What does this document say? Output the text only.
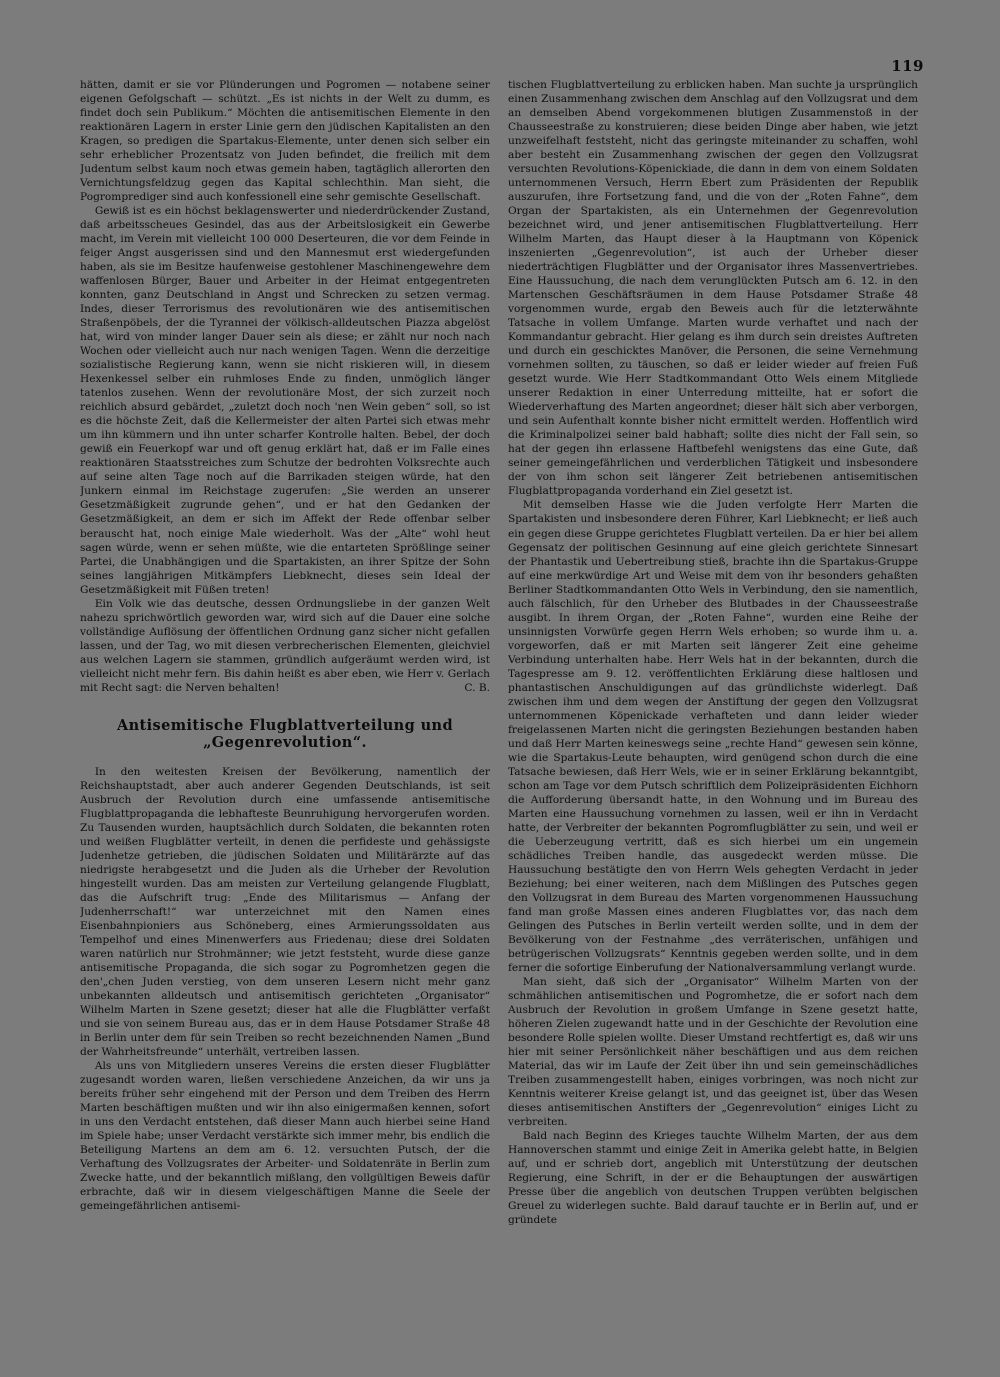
119

hätten, damit er sie vor Plünderungen und Pogromen — notabene seiner eigenen Gefolgschaft — schützt. „Es ist nichts in der Welt zu dumm, es findet doch sein Publikum.“ Möchten die antisemitischen Elemente in den reaktionären Lagern in erster Linie gern den jüdischen Kapitalisten an den Kragen, so predigen die Spartakus-Elemente, unter denen sich selber ein sehr erheblicher Prozentsatz von Juden befindet, die freilich mit dem Judentum selbst kaum noch etwas gemein haben, tagtäglich allerorten den Vernichtungsfeldzug gegen das Kapital schlechthin. Man sieht, die Pogromprediger sind auch konfessionell eine sehr gemischte Gesellschaft.

Gewiß ist es ein höchst beklagenswerter und niederdrückender Zustand, daß arbeitsscheues Gesindel, das aus der Arbeitslosigkeit ein Gewerbe macht, im Verein mit vielleicht 100 000 Deserteuren, die vor dem Feinde in feiger Angst ausgerissen sind und den Mannesmut erst wiedergefunden haben, als sie im Besitze haufenweise gestohlener Maschinengewehre dem waffenlosen Bürger, Bauer und Arbeiter in der Heimat entgegentreten konnten, ganz Deutschland in Angst und Schrecken zu setzen vermag. Indes, dieser Terrorismus des revolutionären wie des antisemitischen Straßenpöbels, der die Tyrannei der völkisch-alldeutschen Piazza abgelöst hat, wird von minder langer Dauer sein als diese; er zählt nur noch nach Wochen oder vielleicht auch nur nach wenigen Tagen. Wenn die derzeitige sozialistische Regierung kann, wenn sie nicht riskieren will, in diesem Hexenkessel selber ein ruhmloses Ende zu finden, unmöglich länger tatenlos zusehen. Wenn der revolutionäre Most, der sich zurzeit noch reichlich absurd gebärdet, „zuletzt doch noch 'nen Wein geben“ soll, so ist es die höchste Zeit, daß die Kellermeister der alten Partei sich etwas mehr um ihn kümmern und ihn unter scharfer Kontrolle halten. Bebel, der doch gewiß ein Feuerkopf war und oft genug erklärt hat, daß er im Falle eines reaktionären Staatsstreiches zum Schutze der bedrohten Volksrechte auch auf seine alten Tage noch auf die Barrikaden steigen würde, hat den Junkern einmal im Reichstage zugerufen: „Sie werden an unserer Gesetzmäßigkeit zugrunde gehen“, und er hat den Gedanken der Gesetzmäßigkeit, an dem er sich im Affekt der Rede offenbar selber berauscht hat, noch einige Male wiederholt. Was der „Alte“ wohl heut sagen würde, wenn er sehen müßte, wie die entarteten Sprößlinge seiner Partei, die Unabhängigen und die Spartakisten, an ihrer Spitze der Sohn seines langjährigen Mitkämpfers Liebknecht, dieses sein Ideal der Gesetzmäßigkeit mit Füßen treten!

Ein Volk wie das deutsche, dessen Ordnungsliebe in der ganzen Welt nahezu sprichwörtlich geworden war, wird sich auf die Dauer eine solche vollständige Auflösung der öffentlichen Ordnung ganz sicher nicht gefallen lassen, und der Tag, wo mit diesen verbrecherischen Elementen, gleichviel aus welchen Lagern sie stammen, gründlich aufgeräumt werden wird, ist vielleicht nicht mehr fern. Bis dahin heißt es aber eben, wie Herr v. Gerlach mit Recht sagt: die Nerven behalten!	C. B.

Antisemitische Flugblattverteilung und
„Gegenrevolution“.

In den weitesten Kreisen der Bevölkerung, namentlich der Reichshauptstadt, aber auch anderer Gegenden Deutschlands, ist seit Ausbruch der Revolution durch eine umfassende antisemitische Flugblattpropaganda die lebhafteste Beunruhigung hervorgerufen worden. Zu Tausenden wurden, hauptsächlich durch Soldaten, die bekannten roten und weißen Flugblätter verteilt, in denen die perfideste und gehässigste Judenhetze getrieben, die jüdischen Soldaten und Militärärzte auf das niedrigste herabgesetzt und die Juden als die Urheber der Revolution hingestellt wurden. Das am meisten zur Verteilung gelangende Flugblatt, das die Aufschrift trug: „Ende des Militarismus — Anfang der Judenherrschaft!“ war unterzeichnet mit den Namen eines Eisenbahnpioniers aus Schöneberg, eines Armierungssoldaten aus Tempelhof und eines Minenwerfers aus Friedenau; diese drei Soldaten waren natürlich nur Strohmänner; wie jetzt feststeht, wurde diese ganze antisemitische Propaganda, die sich sogar zu Pogromhetzen gegen die den'„chen Juden verstieg, von dem unseren Lesern nicht mehr ganz unbekannten alldeutsch und antisemitisch gerichteten „Organisator“ Wilhelm Marten in Szene gesetzt; dieser hat alle die Flugblätter verfaßt und sie von seinem Bureau aus, das er in dem Hause Potsdamer Straße 48 in Berlin unter dem für sein Treiben so recht bezeichnenden Namen „Bund der Wahrheitsfreunde“ unterhält, vertreiben lassen.

Als uns von Mitgliedern unseres Vereins die ersten dieser Flugblätter zugesandt worden waren, ließen verschiedene Anzeichen, da wir uns ja bereits früher sehr eingehend mit der Person und dem Treiben des Herrn Marten beschäftigen mußten und wir ihn also einigermaßen kennen, sofort in uns den Verdacht entstehen, daß dieser Mann auch hierbei seine Hand im Spiele habe; unser Verdacht verstärkte sich immer mehr, bis endlich die Beteiligung Martens an dem am 6. 12. versuchten Putsch, der die Verhaftung des Vollzugsrates der Arbeiter- und Soldatenräte in Berlin zum Zwecke hatte, und der bekanntlich mißlang, den vollgültigen Beweis dafür erbrachte, daß wir in diesem vielgeschäftigen Manne die Seele der gemeingefährlichen antisemi-

tischen Flugblattverteilung zu erblicken haben. Man suchte ja ursprünglich einen Zusammenhang zwischen dem Anschlag auf den Vollzugsrat und dem an demselben Abend vorgekommenen blutigen Zusammenstoß in der Chausseestraße zu konstruieren; diese beiden Dinge aber haben, wie jetzt unzweifelhaft feststeht, nicht das geringste miteinander zu schaffen, wohl aber besteht ein Zusammenhang zwischen der gegen den Vollzugsrat versuchten Revolutions-Köpenickiade, die dann in dem von einem Soldaten unternommenen Versuch, Herrn Ebert zum Präsidenten der Republik auszurufen, ihre Fortsetzung fand, und die von der „Roten Fahne“, dem Organ der Spartakisten, als ein Unternehmen der Gegenrevolution bezeichnet wird, und jener antisemitischen Flugblattverteilung. Herr Wilhelm Marten, das Haupt dieser à la Hauptmann von Köpenick inszenierten „Gegenrevolution“, ist auch der Urheber dieser niederträchtigen Flugblätter und der Organisator ihres Massenvertriebes. Eine Haussuchung, die nach dem verunglückten Putsch am 6. 12. in den Martenschen Geschäftsräumen in dem Hause Potsdamer Straße 48 vorgenommen wurde, ergab den Beweis auch für die letzterwähnte Tatsache in vollem Umfange. Marten wurde verhaftet und nach der Kommandantur gebracht. Hier gelang es ihm durch sein dreistes Auftreten und durch ein geschicktes Manöver, die Personen, die seine Vernehmung vornehmen sollten, zu täuschen, so daß er leider wieder auf freien Fuß gesetzt wurde. Wie Herr Stadtkommandant Otto Wels einem Mitgliede unserer Redaktion in einer Unterredung mitteilte, hat er sofort die Wiederverhaftung des Marten angeordnet; dieser hält sich aber verborgen, und sein Aufenthalt konnte bisher nicht ermittelt werden. Hoffentlich wird die Kriminalpolizei seiner bald habhaft; sollte dies nicht der Fall sein, so hat der gegen ihn erlassene Haftbefehl wenigstens das eine Gute, daß seiner gemeingefährlichen und verderblichen Tätigkeit und insbesondere der von ihm schon seit längerer Zeit betriebenen antisemitischen Flugblattpropaganda vorderhand ein Ziel gesetzt ist.

Mit demselben Hasse wie die Juden verfolgte Herr Marten die Spartakisten und insbesondere deren Führer, Karl Liebknecht; er ließ auch ein gegen diese Gruppe gerichtetes Flugblatt verteilen. Da er hier bei allem Gegensatz der politischen Gesinnung auf eine gleich gerichtete Sinnesart der Phantastik und Uebertreibung stieß, brachte ihn die Spartakus-Gruppe auf eine merkwürdige Art und Weise mit dem von ihr besonders gehaßten Berliner Stadtkommandanten Otto Wels in Verbindung, den sie namentlich, auch fälschlich, für den Urheber des Blutbades in der Chausseestraße ausgibt. In ihrem Organ, der „Roten Fahne“, wurden eine Reihe der unsinnigsten Vorwürfe gegen Herrn Wels erhoben; so wurde ihm u. a. vorgeworfen, daß er mit Marten seit längerer Zeit eine geheime Verbindung unterhalten habe. Herr Wels hat in der bekannten, durch die Tagespresse am 9. 12. veröffentlichten Erklärung diese haltlosen und phantastischen Anschuldigungen auf das gründlichste widerlegt. Daß zwischen ihm und dem wegen der Anstiftung der gegen den Vollzugsrat unternommenen Köpenickade verhafteten und dann leider wieder freigelassenen Marten nicht die geringsten Beziehungen bestanden haben und daß Herr Marten keineswegs seine „rechte Hand“ gewesen sein könne, wie die Spartakus-Leute behaupten, wird genügend schon durch die eine Tatsache bewiesen, daß Herr Wels, wie er in seiner Erklärung bekanntgibt, schon am Tage vor dem Putsch schriftlich dem Polizeipräsidenten Eichhorn die Aufforderung übersandt hatte, in den Wohnung und im Bureau des Marten eine Haussuchung vornehmen zu lassen, weil er ihn in Verdacht hatte, der Verbreiter der bekannten Pogromflugblätter zu sein, und weil er die Ueberzeugung vertritt, daß es sich hierbei um ein ungemein schädliches Treiben handle, das ausgedeckt werden müsse. Die Haussuchung bestätigte den von Herrn Wels gehegten Verdacht in jeder Beziehung; bei einer weiteren, nach dem Mißlingen des Putsches gegen den Vollzugsrat in dem Bureau des Marten vorgenommenen Haussuchung fand man große Massen eines anderen Flugblattes vor, das nach dem Gelingen des Putsches in Berlin verteilt werden sollte, und in dem der Bevölkerung von der Festnahme „des verräterischen, unfähigen und betrügerischen Vollzugsrats“ Kenntnis gegeben werden sollte, und in dem ferner die sofortige Einberufung der Nationalversammlung verlangt wurde.

Man sieht, daß sich der „Organisator“ Wilhelm Marten von der schmählichen antisemitischen und Pogromhetze, die er sofort nach dem Ausbruch der Revolution in großem Umfange in Szene gesetzt hatte, höheren Zielen zugewandt hatte und in der Geschichte der Revolution eine besondere Rolle spielen wollte. Dieser Umstand rechtfertigt es, daß wir uns hier mit seiner Persönlichkeit näher beschäftigen und aus dem reichen Material, das wir im Laufe der Zeit über ihn und sein gemeinschädliches Treiben zusammengestellt haben, einiges vorbringen, was noch nicht zur Kenntnis weiterer Kreise gelangt ist, und das geeignet ist, über das Wesen dieses antisemitischen Anstifters der „Gegenrevolution“ einiges Licht zu verbreiten.

Bald nach Beginn des Krieges tauchte Wilhelm Marten, der aus dem Hannoverschen stammt und einige Zeit in Amerika gelebt hatte, in Belgien auf, und er schrieb dort, angeblich mit Unterstützung der deutschen Regierung, eine Schrift, in der er die Behauptungen der auswärtigen Presse über die angeblich von deutschen Truppen verübten belgischen Greuel zu widerlegen suchte. Bald darauf tauchte er in Berlin auf, und er gründete
